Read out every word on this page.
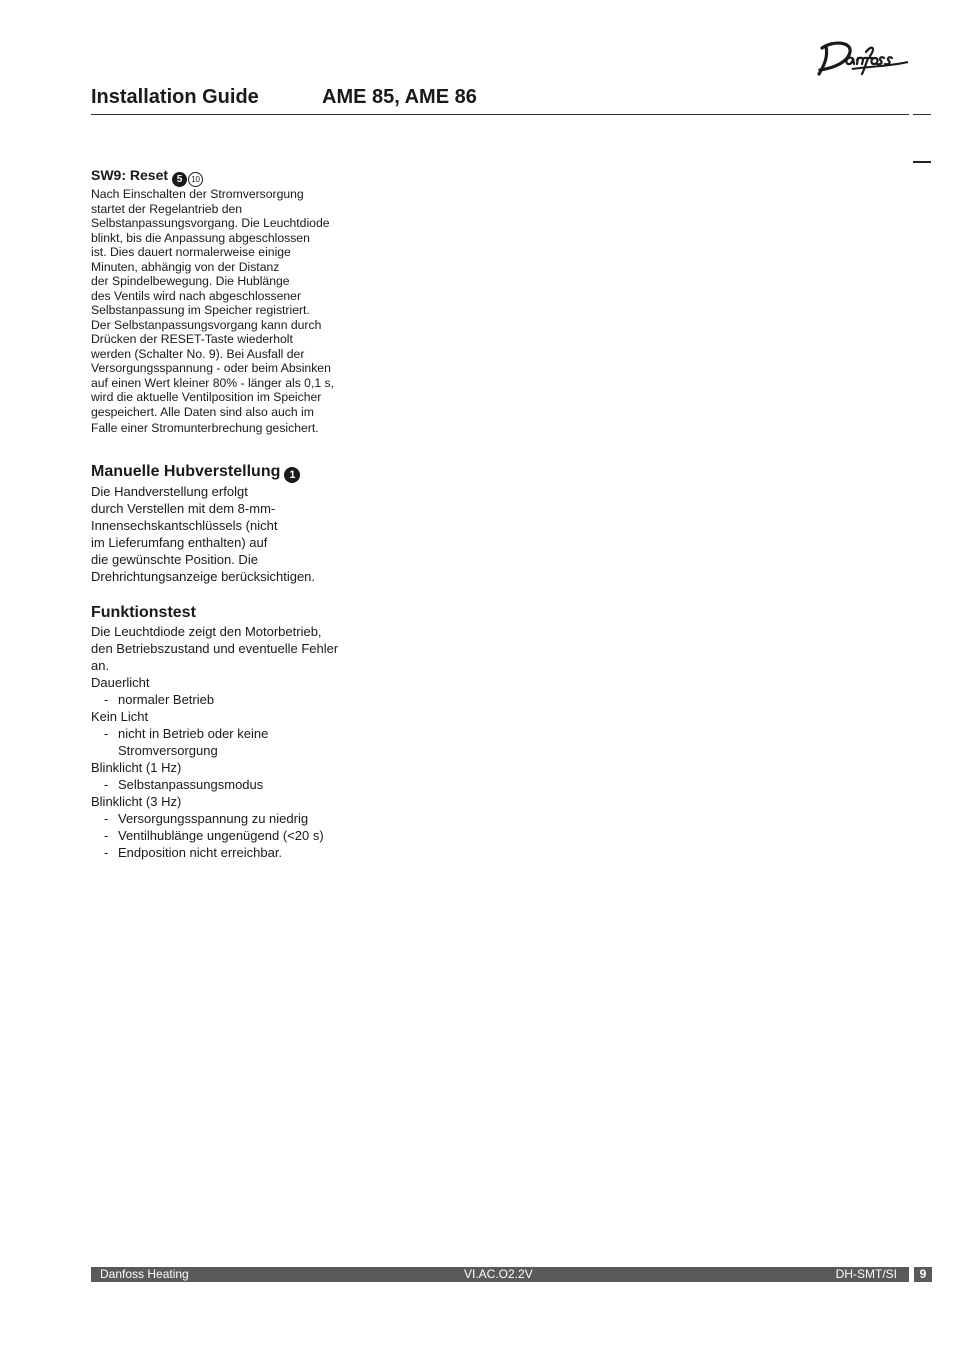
Installation Guide	AME 85, AME 86
SW9: Reset 5 10
Nach Einschalten der Stromversorgung
startet der Regelantrieb den
Selbstanpassungsvorgang. Die Leuchtdiode
blinkt, bis die Anpassung abgeschlossen
ist. Dies dauert normalerweise einige
Minuten, abhängig von der Distanz
der Spindelbewegung. Die Hublänge
des Ventils wird nach abgeschlossener
Selbstanpassung im Speicher registriert.
Der Selbstanpassungsvorgang kann durch
Drücken der RESET-Taste wiederholt
werden (Schalter No. 9). Bei Ausfall der
Versorgungsspannung - oder beim Absinken
auf einen Wert kleiner 80% - länger als 0,1 s,
wird die aktuelle Ventilposition im Speicher
gespeichert. Alle Daten sind also auch im
Falle einer Stromunterbrechung gesichert.
Manuelle Hubverstellung 1
Die Handverstellung erfolgt
durch Verstellen mit dem 8-mm-
Innensechskantschlüssels (nicht
im Lieferumfang enthalten) auf
die gewünschte Position. Die
Drehrichtungsanzeige berücksichtigen.
Funktionstest
Die Leuchtdiode zeigt den Motorbetrieb,
den Betriebszustand und eventuelle Fehler
an.
Dauerlicht
- normaler Betrieb
Kein Licht
- nicht in Betrieb oder keine Stromversorgung
Blinklicht (1 Hz)
- Selbstanpassungsmodus
Blinklicht (3 Hz)
- Versorgungsspannung zu niedrig
- Ventilhublänge ungenügend (<20 s)
- Endposition nicht erreichbar.
Danfoss Heating	VI.AC.O2.2V	DH-SMT/SI	9
